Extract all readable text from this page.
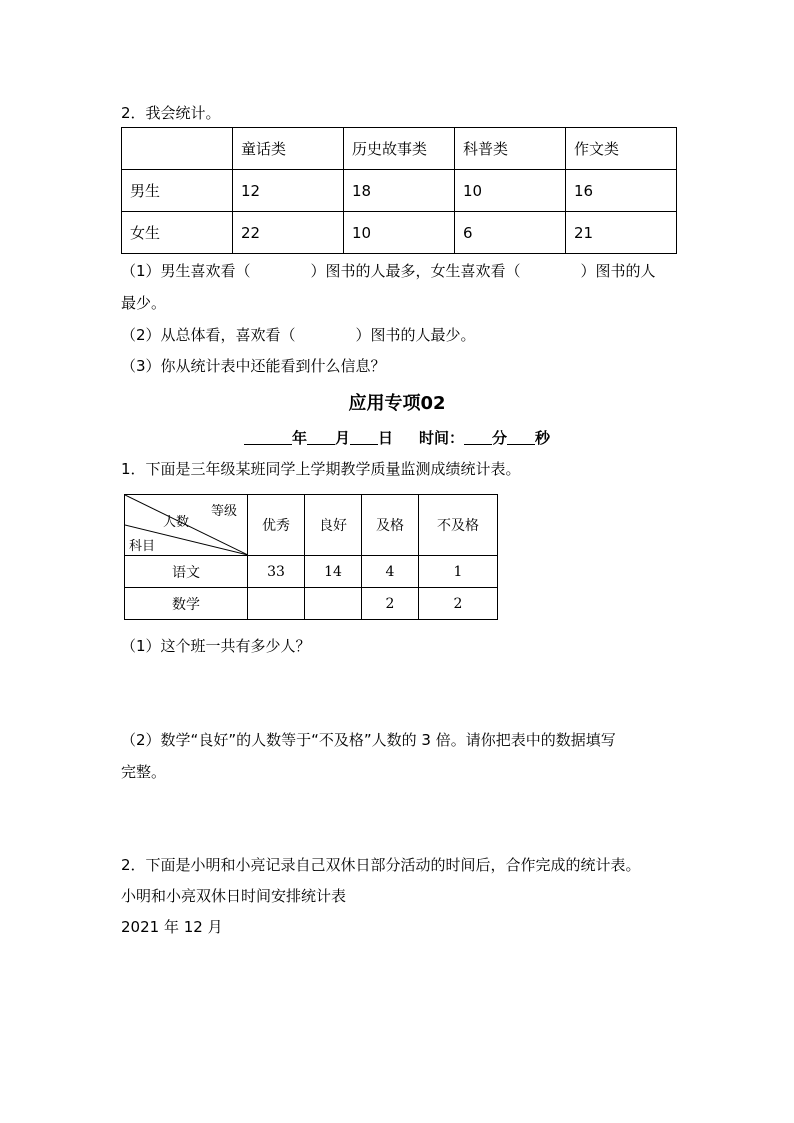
2．我会统计。
	童话类	历史故事类	科普类	作文类
男生	12	18	10	16
女生	22	10	6	21
（1）男生喜欢看（　　　　）图书的人最多，女生喜欢看（　　　　）图书的人
最少。
（2）从总体看，喜欢看（　　　　）图书的人最少。
（3）你从统计表中还能看到什么信息？
应用专项02
年 月 日 时间： 分 秒
1．下面是三年级某班同学上学期教学质量监测成绩统计表。
等级
人数
科目	优秀	良好	及格	不及格
语文	33	14	4	1
数学			2	2
（1）这个班一共有多少人？
（2）数学“良好”的人数等于“不及格”人数的 3 倍。请你把表中的数据填写
完整。
2．下面是小明和小亮记录自己双休日部分活动的时间后，合作完成的统计表。
小明和小亮双休日时间安排统计表
2021 年 12 月
